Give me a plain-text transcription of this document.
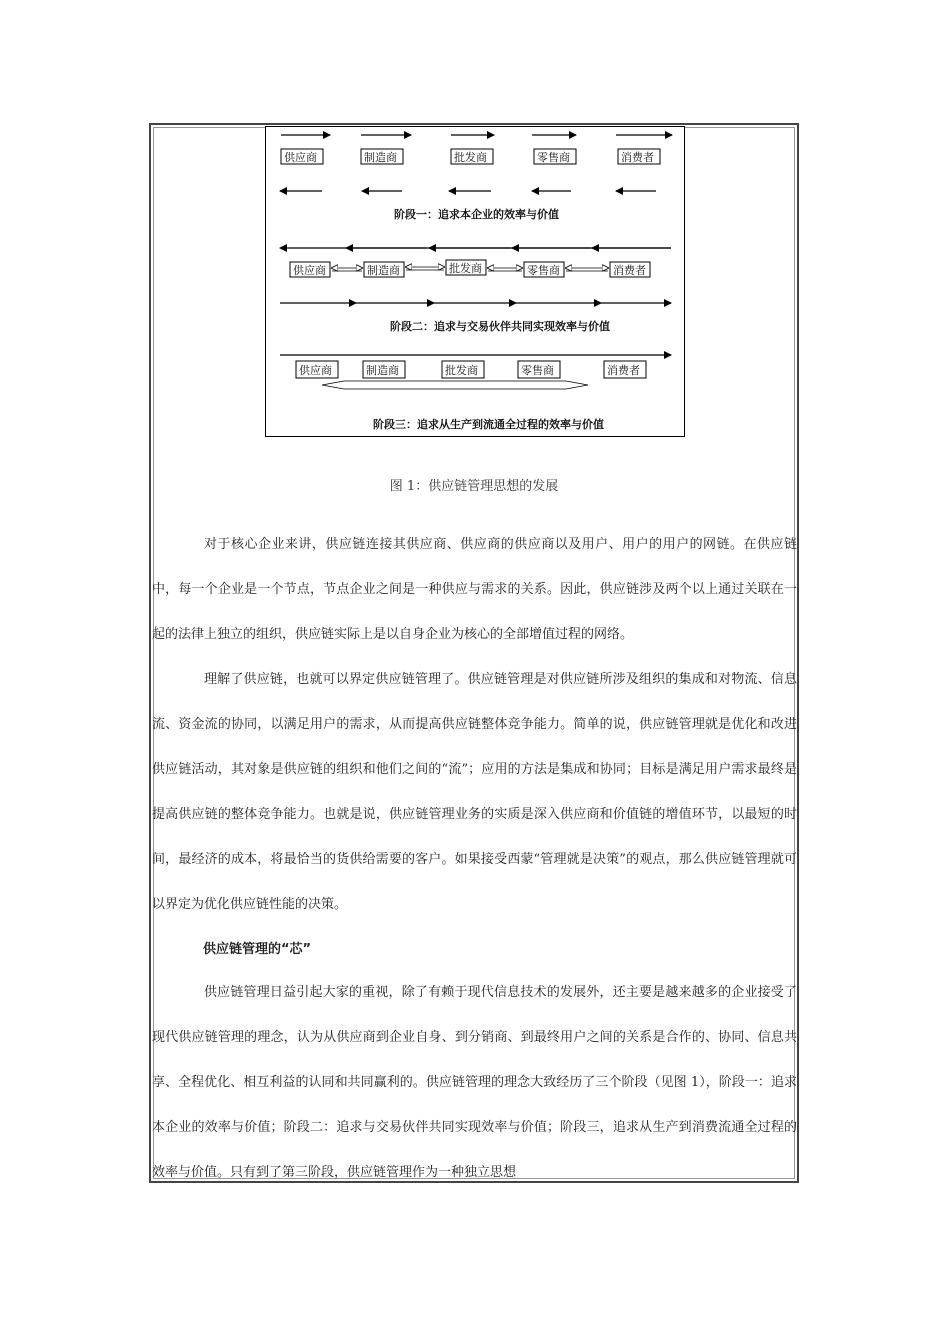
供应商	制造商	批发商	零售商	消费者
阶段一：追求本企业的效率与价值
供应商	制造商	批发商	零售商	消费者
阶段二：追求与交易伙伴共同实现效率与价值
供应商	制造商	批发商	零售商	消费者
阶段三：追求从生产到流通全过程的效率与价值
图 1：供应链管理思想的发展

对于核心企业来讲，供应链连接其供应商、供应商的供应商以及用户、用户的用户的网链。在供应链中，每一个企业是一个节点，节点企业之间是一种供应与需求的关系。因此，供应链涉及两个以上通过关联在一起的法律上独立的组织，供应链实际上是以自身企业为核心的全部增值过程的网络。

理解了供应链，也就可以界定供应链管理了。供应链管理是对供应链所涉及组织的集成和对物流、信息流、资金流的协同，以满足用户的需求，从而提高供应链整体竞争能力。简单的说，供应链管理就是优化和改进供应链活动，其对象是供应链的组织和他们之间的“流”；应用的方法是集成和协同；目标是满足用户需求最终是提高供应链的整体竞争能力。也就是说，供应链管理业务的实质是深入供应商和价值链的增值环节，以最短的时间，最经济的成本，将最恰当的货供给需要的客户。如果接受西蒙“管理就是决策”的观点，那么供应链管理就可以界定为优化供应链性能的决策。

供应链管理的“芯”

供应链管理日益引起大家的重视，除了有赖于现代信息技术的发展外，还主要是越来越多的企业接受了现代供应链管理的理念，认为从供应商到企业自身、到分销商、到最终用户之间的关系是合作的、协同、信息共享、全程优化、相互利益的认同和共同赢利的。供应链管理的理念大致经历了三个阶段（见图 1），阶段一：追求本企业的效率与价值；阶段二：追求与交易伙伴共同实现效率与价值；阶段三，追求从生产到消费流通全过程的效率与价值。只有到了第三阶段，供应链管理作为一种独立思想
